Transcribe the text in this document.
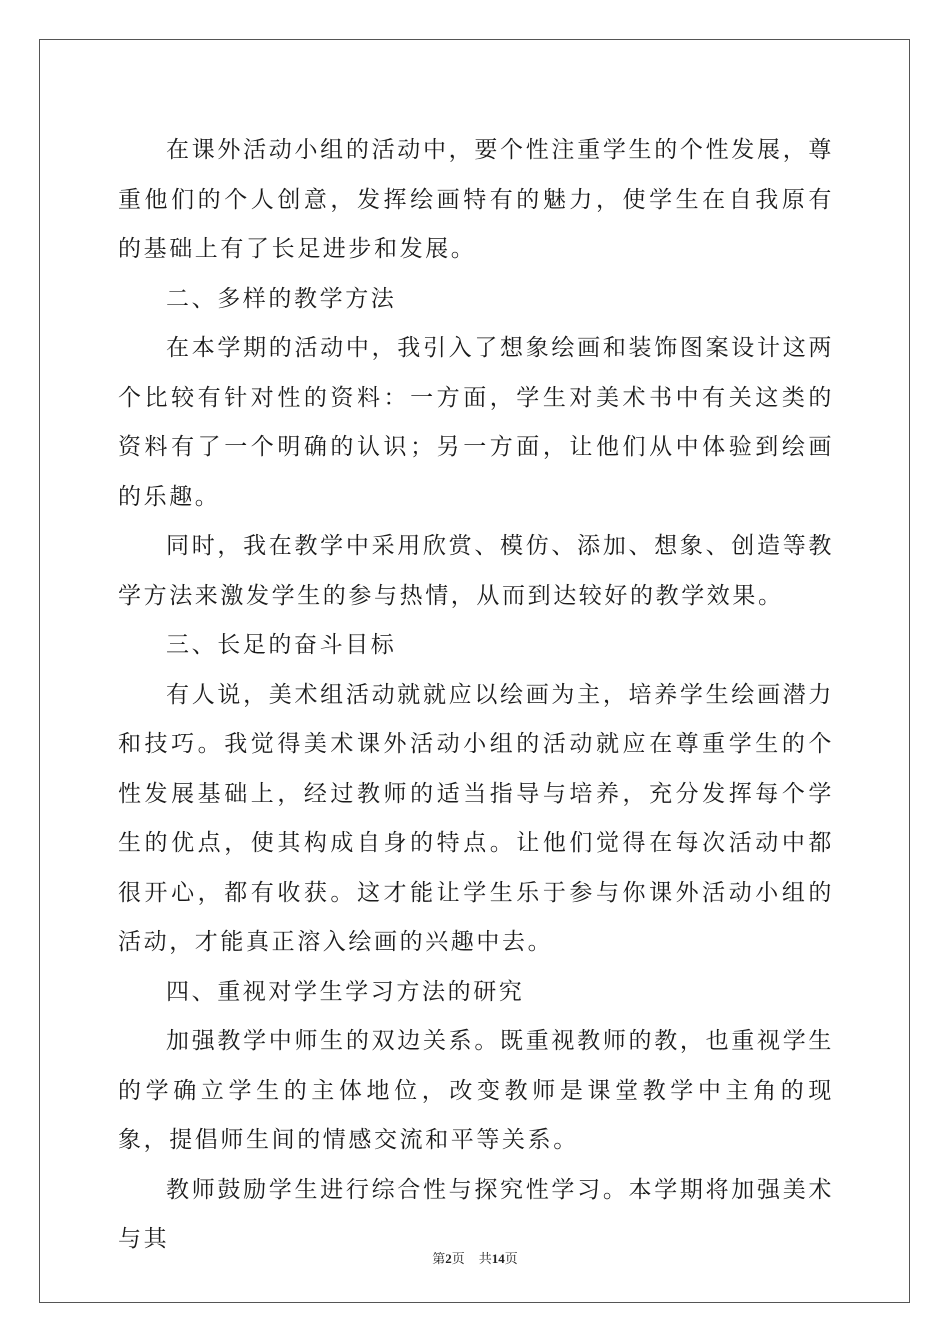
在课外活动小组的活动中，要个性注重学生的个性发展，尊重他们的个人创意，发挥绘画特有的魅力，使学生在自我原有的基础上有了长足进步和发展。

二、多样的教学方法

在本学期的活动中，我引入了想象绘画和装饰图案设计这两个比较有针对性的资料：一方面，学生对美术书中有关这类的资料有了一个明确的认识；另一方面，让他们从中体验到绘画的乐趣。

同时，我在教学中采用欣赏、模仿、添加、想象、创造等教学方法来激发学生的参与热情，从而到达较好的教学效果。

三、长足的奋斗目标

有人说，美术组活动就就应以绘画为主，培养学生绘画潜力和技巧。我觉得美术课外活动小组的活动就应在尊重学生的个性发展基础上，经过教师的适当指导与培养，充分发挥每个学生的优点，使其构成自身的特点。让他们觉得在每次活动中都很开心，都有收获。这才能让学生乐于参与你课外活动小组的活动，才能真正溶入绘画的兴趣中去。

四、重视对学生学习方法的研究

加强教学中师生的双边关系。既重视教师的教，也重视学生的学确立学生的主体地位，改变教师是课堂教学中主角的现象，提倡师生间的情感交流和平等关系。

教师鼓励学生进行综合性与探究性学习。本学期将加强美术与其

第2页 共14页
